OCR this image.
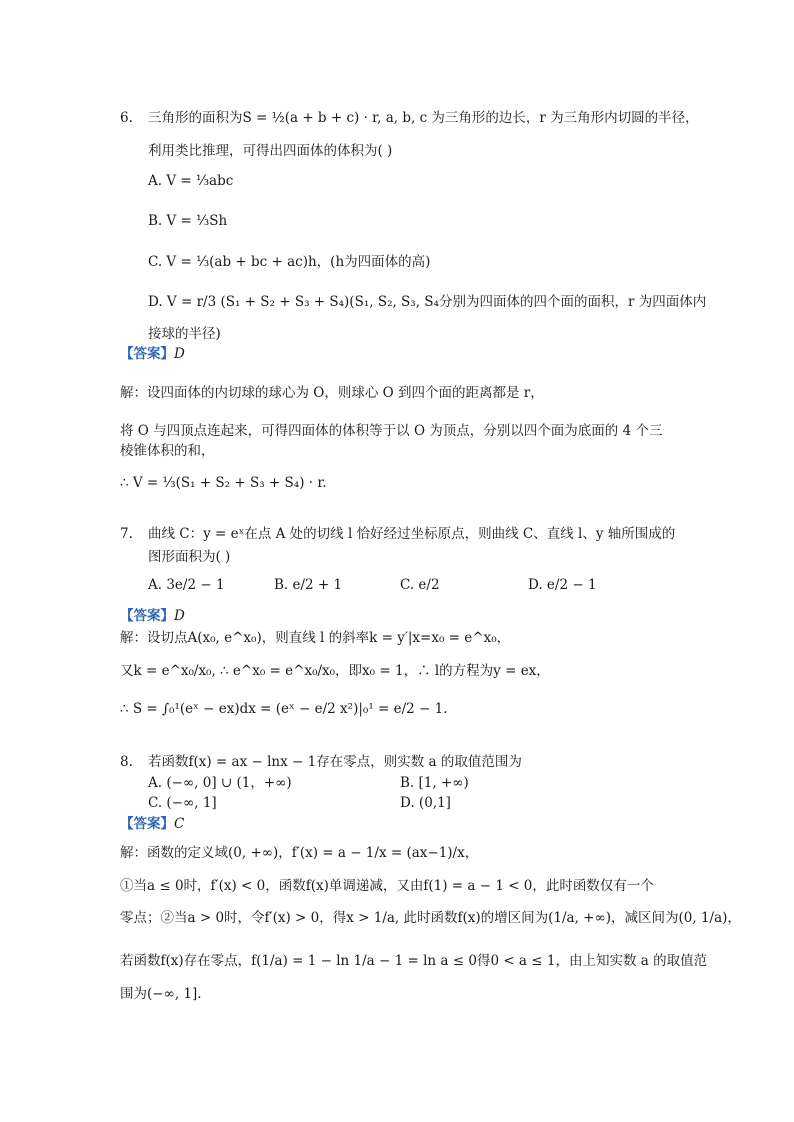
6. 三角形的面积为S = ½(a + b + c) · r, a, b, c 为三角形的边长，r 为三角形内切圆的半径，
利用类比推理，可得出四面体的体积为( )
A. V = ⅓abc
B. V = ⅓Sh
C. V = ⅓(ab + bc + ac)h，(h为四面体的高)
D. V = r/3 (S₁ + S₂ + S₃ + S₄)(S₁, S₂, S₃, S₄分别为四面体的四个面的面积，r 为四面体内
接球的半径)
【答案】D
解：设四面体的内切球的球心为 O，则球心 O 到四个面的距离都是 r，
将 O 与四顶点连起来，可得四面体的体积等于以 O 为顶点，分别以四个面为底面的 4 个三
棱锥体积的和，
∴ V = ⅓(S₁ + S₂ + S₃ + S₄) · r.
7. 曲线 C：y = eˣ在点 A 处的切线 l 恰好经过坐标原点，则曲线 C、直线 l、y 轴所围成的
图形面积为( )
A. 3e/2 − 1	B. e/2 + 1	C. e/2	D. e/2 − 1
【答案】D
解：设切点A(x₀, e^x₀)，则直线 l 的斜率k = y′|x=x₀ = e^x₀，
又k = e^x₀/x₀, ∴ e^x₀ = e^x₀/x₀，即x₀ = 1，∴ l的方程为y = ex，
∴ S = ∫₀¹(eˣ − ex)dx = (eˣ − e/2 x²)|₀¹ = e/2 − 1.
8. 若函数f(x) = ax − lnx − 1存在零点，则实数 a 的取值范围为
A. (−∞, 0] ∪ (1，+∞)	B. [1, +∞)
C. (−∞, 1]	D. (0,1]
【答案】C
解：函数的定义域(0, +∞)，f′(x) = a − 1/x = (ax−1)/x，
①当a ≤ 0时，f′(x) < 0，函数f(x)单调递减，又由f(1) = a − 1 < 0，此时函数仅有一个
零点；②当a > 0时，令f′(x) > 0，得x > 1/a, 此时函数f(x)的增区间为(1/a, +∞)，减区间为(0, 1/a)，
若函数f(x)存在零点，f(1/a) = 1 − ln 1/a − 1 = ln a ≤ 0得0 < a ≤ 1，由上知实数 a 的取值范
围为(−∞, 1].
